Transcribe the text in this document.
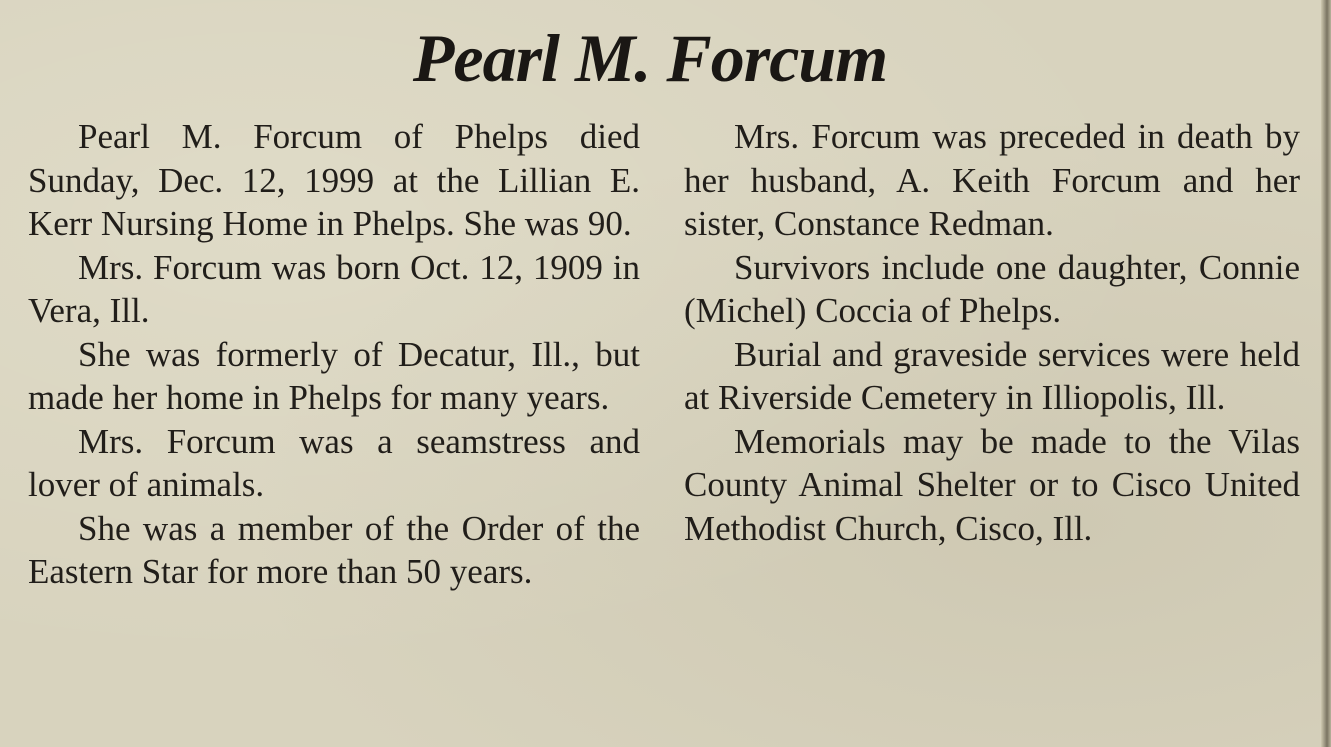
Pearl M. Forcum

Pearl M. Forcum of Phelps died Sunday, Dec. 12, 1999 at the Lillian E. Kerr Nursing Home in Phelps. She was 90.

Mrs. Forcum was born Oct. 12, 1909 in Vera, Ill.

She was formerly of Decatur, Ill., but made her home in Phelps for many years.

Mrs. Forcum was a seamstress and lover of animals.

She was a member of the Order of the Eastern Star for more than 50 years.

Mrs. Forcum was preceded in death by her husband, A. Keith Forcum and her sister, Constance Redman.

Survivors include one daughter, Connie (Michel) Coccia of Phelps.

Burial and graveside services were held at Riverside Cemetery in Illiopolis, Ill.

Memorials may be made to the Vilas County Animal Shelter or to Cisco United Methodist Church, Cisco, Ill.
